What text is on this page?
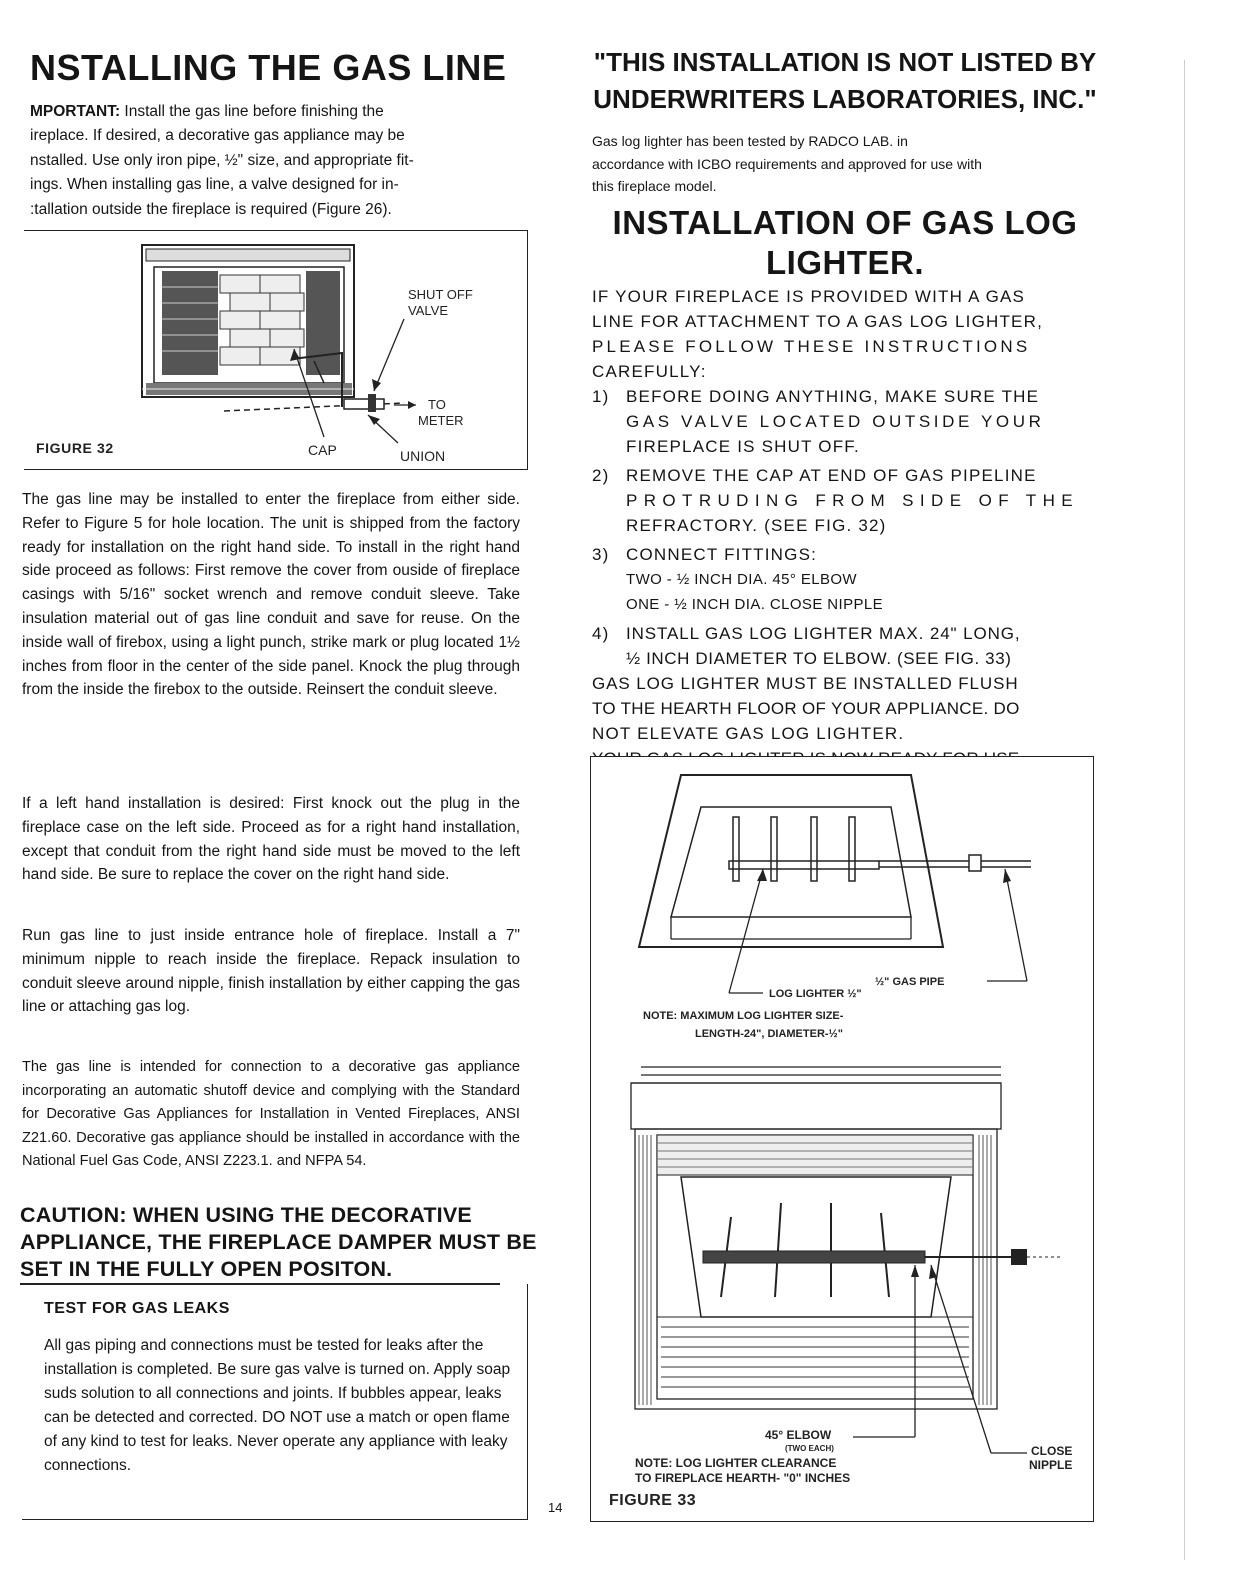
NSTALLING THE GAS LINE
MPORTANT: Install the gas line before finishing the
ireplace. If desired, a decorative gas appliance may be
nstalled. Use only iron pipe, ½" size, and appropriate fit-
ings. When installing gas line, a valve designed for in-
:tallation outside the fireplace is required (Figure 26).
SHUT OFF
VALVE
TO
METER
CAP	UNION
FIGURE 32

The gas line may be installed to enter the fireplace from either side. Refer to Figure 5 for hole location. The unit is shipped from the factory ready for installation on the right hand side. To install in the right hand side proceed as follows: First remove the cover from ouside of fireplace casings with 5/16" socket wrench and remove conduit sleeve. Take insulation material out of gas line conduit and save for reuse. On the inside wall of firebox, using a light punch, strike mark or plug located 1½ inches from floor in the center of the side panel. Knock the plug through from the inside the firebox to the outside. Reinsert the conduit sleeve.

If a left hand installation is desired: First knock out the plug in the fireplace case on the left side. Proceed as for a right hand installation, except that conduit from the right hand side must be moved to the left hand side. Be sure to replace the cover on the right hand side.

Run gas line to just inside entrance hole of fireplace. Install a 7" minimum nipple to reach inside the fireplace. Repack insulation to conduit sleeve around nipple, finish installation by either capping the gas line or attaching gas log.

The gas line is intended for connection to a decorative gas appliance incorporating an automatic shutoff device and complying with the Standard for Decorative Gas Appliances for Installation in Vented Fireplaces, ANSI Z21.60. Decorative gas appliance should be installed in accordance with the National Fuel Gas Code, ANSI Z223.1. and NFPA 54.

CAUTION: WHEN USING THE DECORATIVE APPLIANCE, THE FIREPLACE DAMPER MUST BE SET IN THE FULLY OPEN POSITON.
TEST FOR GAS LEAKS
All gas piping and connections must be tested for leaks after the installation is completed. Be sure gas valve is turned on. Apply soap suds solution to all connections and joints. If bubbles appear, leaks can be detected and corrected. DO NOT use a match or open flame of any kind to test for leaks. Never operate any appliance with leaky connections.
14
"THIS INSTALLATION IS NOT LISTED BY
UNDERWRITERS LABORATORIES, INC."
Gas log lighter has been tested by RADCO LAB. in
accordance with ICBO requirements and approved for use with
this fireplace model.
INSTALLATION OF GAS LOG
LIGHTER.
IF YOUR FIREPLACE IS PROVIDED WITH A GAS
LINE FOR ATTACHMENT TO A GAS LOG LIGHTER,
PLEASE FOLLOW THESE INSTRUCTIONS
CAREFULLY:
1) BEFORE DOING ANYTHING, MAKE SURE THE
GAS VALVE LOCATED OUTSIDE YOUR
FIREPLACE IS SHUT OFF.
2) REMOVE THE CAP AT END OF GAS PIPELINE
PROTRUDING FROM SIDE OF THE
REFRACTORY. (SEE FIG. 32)
3) CONNECT FITTINGS:
TWO - ½ INCH DIA. 45° ELBOW
ONE - ½ INCH DIA. CLOSE NIPPLE
4) INSTALL GAS LOG LIGHTER MAX. 24" LONG,
½ INCH DIAMETER TO ELBOW. (SEE FIG. 33)
GAS LOG LIGHTER MUST BE INSTALLED FLUSH
TO THE HEARTH FLOOR OF YOUR APPLIANCE. DO
NOT ELEVATE GAS LOG LIGHTER.
½" GAS PIPE
LOG LIGHTER ½"
NOTE: MAXIMUM LOG LIGHTER SIZE-
LENGTH-24", DIAMETER-½"
45° ELBOW
(TWO EACH)
NOTE: LOG LIGHTER CLEARANCE
TO FIREPLACE HEARTH- "0" INCHES
CLOSE
NIPPLE
FIGURE 33
